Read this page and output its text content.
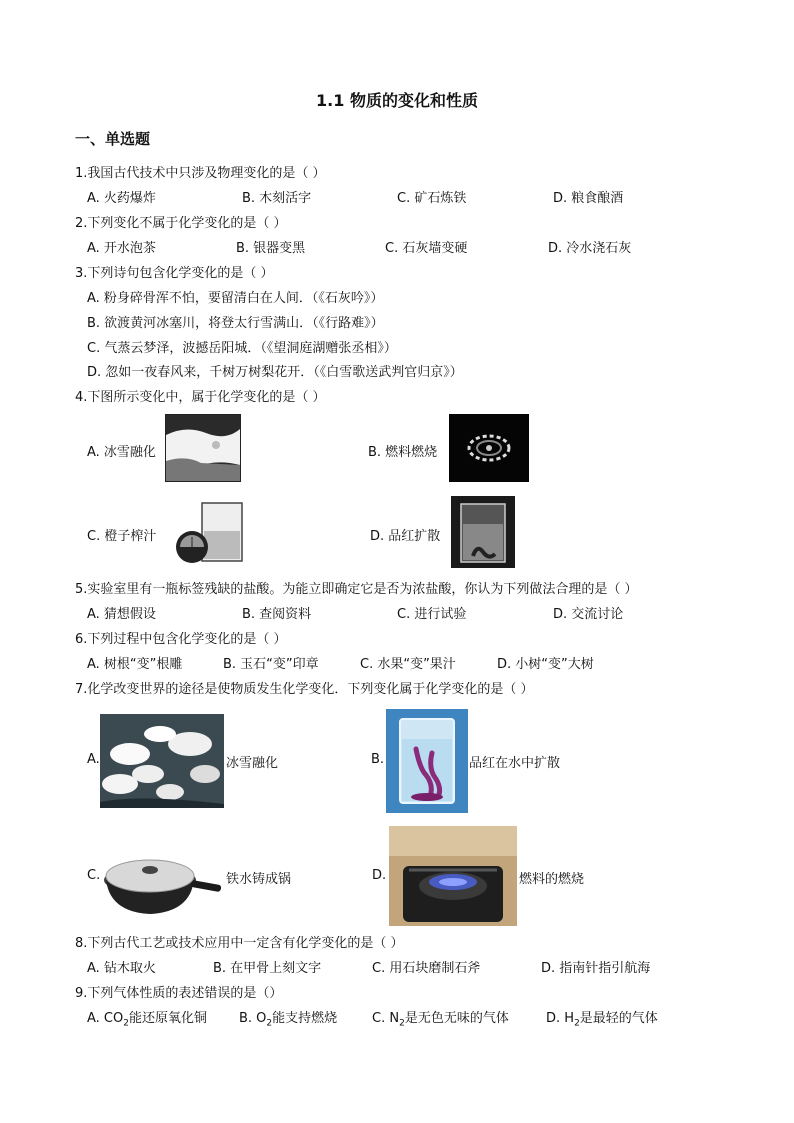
1.1 物质的变化和性质
一、单选题
1.我国古代技术中只涉及物理变化的是（ ）
A. 火药爆炸	B. 木刻活字	C. 矿石炼铁	D. 粮食酿酒
2.下列变化不属于化学变化的是（ ）
A. 开水泡茶	B. 银器变黑	C. 石灰墙变硬	D. 冷水浇石灰
3.下列诗句包含化学变化的是（ ）
A. 粉身碎骨浑不怕，要留清白在人间．（《石灰吟》）
B. 欲渡黄河冰塞川，将登太行雪满山．（《行路难》）
C. 气蒸云梦泽，波撼岳阳城．（《望洞庭湖赠张丞相》）
D. 忽如一夜春风来，千树万树梨花开．（《白雪歌送武判官归京》）
4.下图所示变化中，属于化学变化的是（ ）
A. 冰雪融化	B. 燃料燃烧
C. 橙子榨汁	D. 品红扩散
5.实验室里有一瓶标签残缺的盐酸。为能立即确定它是否为浓盐酸，你认为下列做法合理的是（ ）
A. 猜想假设	B. 查阅资料	C. 进行试验	D. 交流讨论
6.下列过程中包含化学变化的是（ ）
A. 树根“变”根雕	B. 玉石“变”印章	C. 水果“变”果汁	D. 小树“变”大树
7.化学改变世界的途径是使物质发生化学变化．下列变化属于化学变化的是（ ）
A.	冰雪融化	B.	品红在水中扩散
C.	铁水铸成锅	D.	燃料的燃烧
8.下列古代工艺或技术应用中一定含有化学变化的是（ ）
A. 钻木取火	B. 在甲骨上刻文字	C. 用石块磨制石斧	D. 指南针指引航海
9.下列气体性质的表述错误的是（）
A. $CO_2$能还原氧化铜 B. $O_2$能支持燃烧	C. $N_2$是无色无味的气体	D. $H_2$是最轻的气体
